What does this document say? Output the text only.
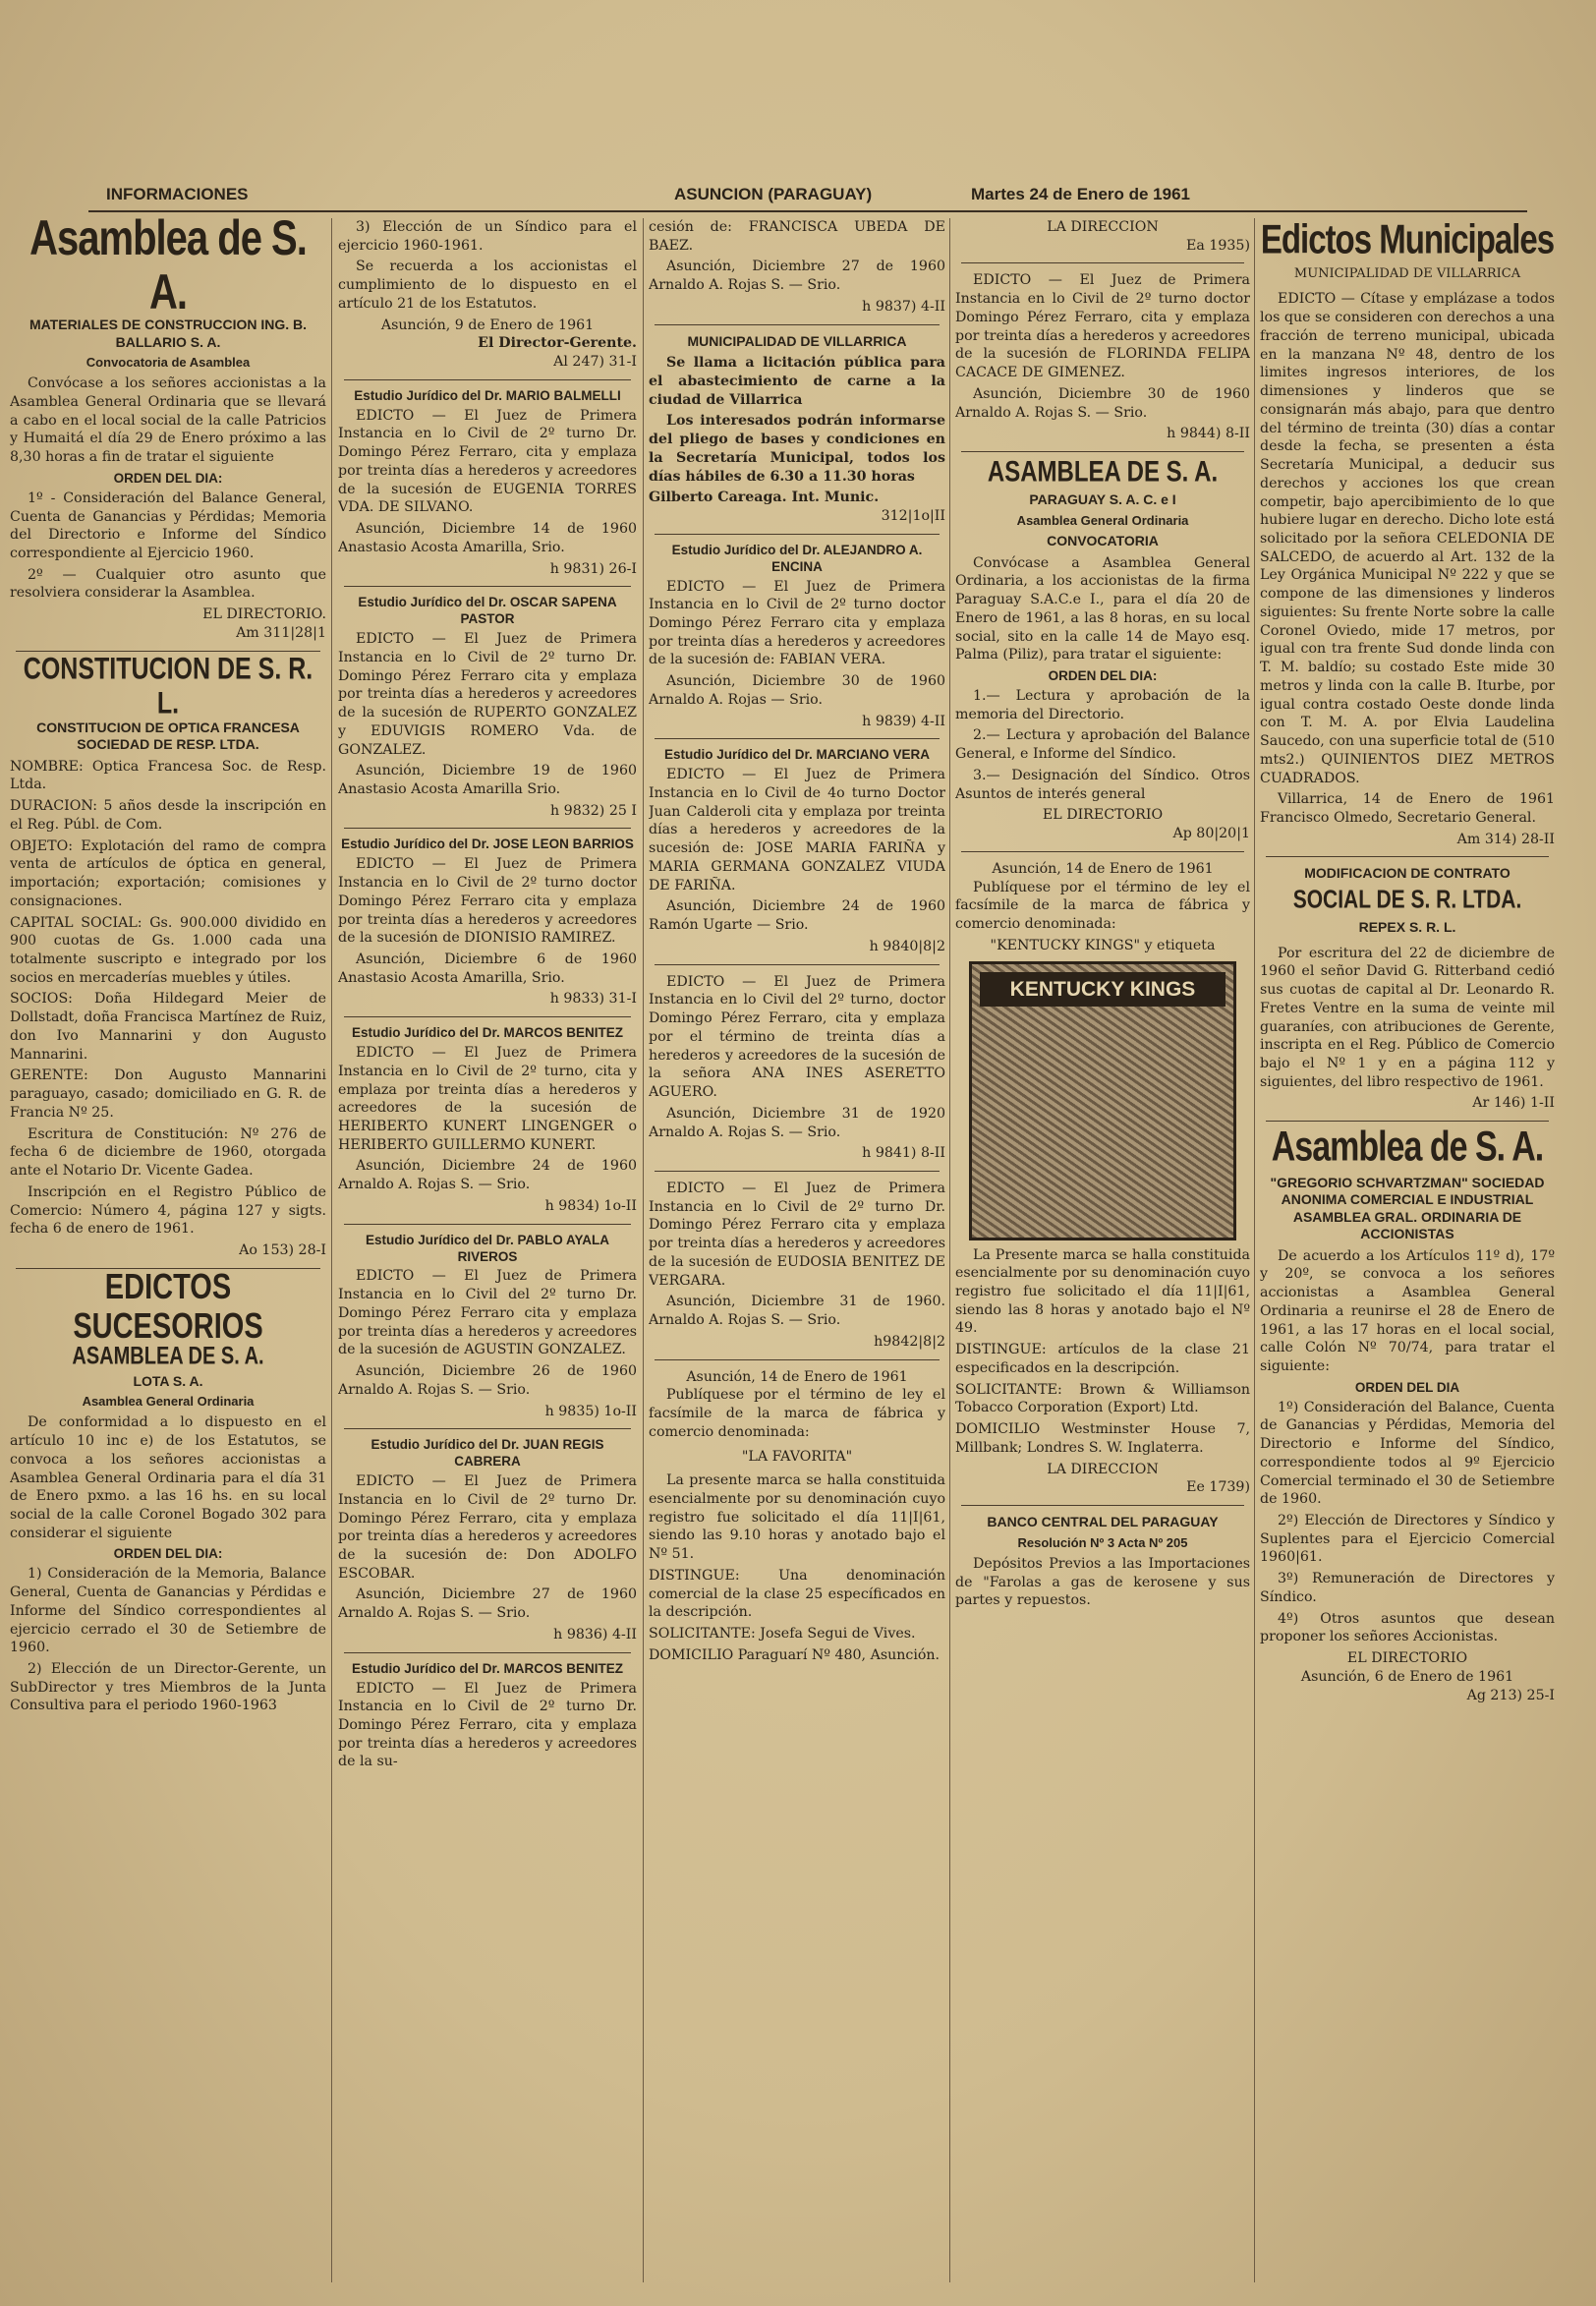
INFORMACIONES	ASUNCION (PARAGUAY)	Martes 24 de Enero de 1961
Asamblea de S. A.
MATERIALES DE CONSTRUCCION ING. B. BALLARIO S. A.
Convocatoria de Asamblea

Convócase a los señores accionistas a la Asamblea General Ordinaria que se llevará a cabo en el local social de la calle Patricios y Humaitá el día 29 de Enero próximo a las 8,30 horas a fin de tratar el siguiente

ORDEN DEL DIA:

1º - Consideración del Balance General, Cuenta de Ganancias y Pérdidas; Memoria del Directorio e Informe del Síndico correspondiente al Ejercicio 1960.

2º — Cualquier otro asunto que resolviera considerar la Asamblea.

EL DIRECTORIO.
Am 311|28|1
CONSTITUCION DE S. R. L.
CONSTITUCION DE OPTICA FRANCESA SOCIEDAD DE RESP. LTDA.

NOMBRE: Optica Francesa Soc. de Resp. Ltda.

DURACION: 5 años desde la inscripción en el Reg. Públ. de Com.

OBJETO: Explotación del ramo de compra venta de artículos de óptica en general, importación; exportación; comisiones y consignaciones.

CAPITAL SOCIAL: Gs. 900.000 dividido en 900 cuotas de Gs. 1.000 cada una totalmente suscripto e integrado por los socios en mercaderías muebles y útiles.

SOCIOS: Doña Hildegard Meier de Dollstadt, doña Francisca Martínez de Ruiz, don Ivo Mannarini y don Augusto Mannarini.

GERENTE: Don Augusto Mannarini paraguayo, casado; domiciliado en G. R. de Francia Nº 25.

Escritura de Constitución: Nº 276 de fecha 6 de diciembre de 1960, otorgada ante el Notario Dr. Vicente Gadea.

Inscripción en el Registro Público de Comercio: Número 4, página 127 y sigts. fecha 6 de enero de 1961.

Ao 153) 28-I
EDICTOS SUCESORIOS
ASAMBLEA DE S. A.
LOTA S. A.
Asamblea General Ordinaria

De conformidad a lo dispuesto en el artículo 10 inc e) de los Estatutos, se convoca a los señores accionistas a Asamblea General Ordinaria para el día 31 de Enero pxmo. a las 16 hs. en su local social de la calle Coronel Bogado 302 para considerar el siguiente

ORDEN DEL DIA:

1) Consideración de la Memoria, Balance General, Cuenta de Ganancias y Pérdidas e Informe del Síndico correspondientes al ejercicio cerrado el 30 de Setiembre de 1960.

2) Elección de un Director-Gerente, un SubDirector y tres Miembros de la Junta Consultiva para el periodo 1960-1963

3) Elección de un Síndico para el ejercicio 1960-1961.

Se recuerda a los accionistas el cumplimiento de lo dispuesto en el artículo 21 de los Estatutos.

Asunción, 9 de Enero de 1961
El Director-Gerente.
Al 247) 31-I
Estudio Jurídico del Dr. MARIO BALMELLI

EDICTO — El Juez de Primera Instancia en lo Civil de 2º turno Dr. Domingo Pérez Ferraro, cita y emplaza por treinta días a herederos y acreedores de la sucesión de EUGENIA TORRES VDA. DE SILVANO.

Asunción, Diciembre 14 de 1960 Anastasio Acosta Amarilla, Srio.

h 9831) 26-I
Estudio Jurídico del Dr. OSCAR SAPENA PASTOR

EDICTO — El Juez de Primera Instancia en lo Civil de 2º turno Dr. Domingo Pérez Ferraro cita y emplaza por treinta días a herederos y acreedores de la sucesión de RUPERTO GONZALEZ y EDUVIGIS ROMERO Vda. de GONZALEZ.

Asunción, Diciembre 19 de 1960 Anastasio Acosta Amarilla Srio.

h 9832) 25 I
Estudio Jurídico del Dr. JOSE LEON BARRIOS

EDICTO — El Juez de Primera Instancia en lo Civil de 2º turno doctor Domingo Pérez Ferraro cita y emplaza por treinta días a herederos y acreedores de la sucesión de DIONISIO RAMIREZ.

Asunción, Diciembre 6 de 1960 Anastasio Acosta Amarilla, Srio.

h 9833) 31-I
Estudio Jurídico del Dr. MARCOS BENITEZ

EDICTO — El Juez de Primera Instancia en lo Civil de 2º turno, cita y emplaza por treinta días a herederos y acreedores de la sucesión de HERIBERTO KUNERT LINGENGER o HERIBERTO GUILLERMO KUNERT.

Asunción, Diciembre 24 de 1960 Arnaldo A. Rojas S. — Srio.

h 9834) 1o-II
Estudio Jurídico del Dr. PABLO AYALA RIVEROS

EDICTO — El Juez de Primera Instancia en lo Civil del 2º turno Dr. Domingo Pérez Ferraro cita y emplaza por treinta días a herederos y acreedores de la sucesión de AGUSTIN GONZALEZ.

Asunción, Diciembre 26 de 1960 Arnaldo A. Rojas S. — Srio.

h 9835) 1o-II
Estudio Jurídico del Dr. JUAN REGIS CABRERA

EDICTO — El Juez de Primera Instancia en lo Civil de 2º turno Dr. Domingo Pérez Ferraro, cita y emplaza por treinta días a herederos y acreedores de la sucesión de: Don ADOLFO ESCOBAR.

Asunción, Diciembre 27 de 1960 Arnaldo A. Rojas S. — Srio.

h 9836) 4-II
Estudio Jurídico del Dr. MARCOS BENITEZ

EDICTO — El Juez de Primera Instancia en lo Civil de 2º turno Dr. Domingo Pérez Ferraro, cita y emplaza por treinta días a herederos y acreedores de la su-

cesión de: FRANCISCA UBEDA DE BAEZ.

Asunción, Diciembre 27 de 1960 Arnaldo A. Rojas S. — Srio.

h 9837) 4-II
MUNICIPALIDAD DE VILLARRICA

Se llama a licitación pública para el abastecimiento de carne a la ciudad de Villarrica

Los interesados podrán informarse del pliego de bases y condiciones en la Secretaría Municipal, todos los días hábiles de 6.30 a 11.30 horas

Gilberto Careaga. Int. Munic.
312|1o|II
Estudio Jurídico del Dr. ALEJANDRO A. ENCINA

EDICTO — El Juez de Primera Instancia en lo Civil de 2º turno doctor Domingo Pérez Ferraro cita y emplaza por treinta días a herederos y acreedores de la sucesión de: FABIAN VERA.

Asunción, Diciembre 30 de 1960 Arnaldo A. Rojas — Srio.

h 9839) 4-II
Estudio Jurídico del Dr. MARCIANO VERA

EDICTO — El Juez de Primera Instancia en lo Civil de 4o turno Doctor Juan Calderoli cita y emplaza por treinta días a herederos y acreedores de la sucesión de: JOSE MARIA FARIÑA y MARIA GERMANA GONZALEZ VIUDA DE FARIÑA.

Asunción, Diciembre 24 de 1960 Ramón Ugarte — Srio.

h 9840|8|2

EDICTO — El Juez de Primera Instancia en lo Civil del 2º turno, doctor Domingo Pérez Ferraro, cita y emplaza por el término de treinta días a herederos y acreedores de la sucesión de la señora ANA INES ASERETTO AGUERO.

Asunción, Diciembre 31 de 1920 Arnaldo A. Rojas S. — Srio.

h 9841) 8-II

EDICTO — El Juez de Primera Instancia en lo Civil de 2º turno Dr. Domingo Pérez Ferraro cita y emplaza por treinta días a herederos y acreedores de la sucesión de EUDOSIA BENITEZ DE VERGARA.

Asunción, Diciembre 31 de 1960. Arnaldo A. Rojas S. — Srio.

h9842|8|2
Asunción, 14 de Enero de 1961

Publíquese por el término de ley el facsímile de la marca de fábrica y comercio denominada:

"LA FAVORITA"

La presente marca se halla constituida esencialmente por su denominación cuyo registro fue solicitado el día 11|I|61, siendo las 9.10 horas y anotado bajo el Nº 51.

DISTINGUE: Una denominación comercial de la clase 25 específicados en la descripción.

SOLICITANTE: Josefa Segui de Vives.

DOMICILIO Paraguarí Nº 480, Asunción.

LA DIRECCION
Ea 1935)

EDICTO — El Juez de Primera Instancia en lo Civil de 2º turno doctor Domingo Pérez Ferraro, cita y emplaza por treinta días a herederos y acreedores de la sucesión de FLORINDA FELIPA CACACE DE GIMENEZ.

Asunción, Diciembre 30 de 1960 Arnaldo A. Rojas S. — Srio.

h 9844) 8-II
ASAMBLEA DE S. A.
PARAGUAY S. A. C. e I
Asamblea General Ordinaria
CONVOCATORIA

Convócase a Asamblea General Ordinaria, a los accionistas de la firma Paraguay S.A.C.e I., para el día 20 de Enero de 1961, a las 8 horas, en su local social, sito en la calle 14 de Mayo esq. Palma (Piliz), para tratar el siguiente:

ORDEN DEL DIA:

1.— Lectura y aprobación de la memoria del Directorio.

2.— Lectura y aprobación del Balance General, e Informe del Síndico.

3.— Designación del Síndico. Otros Asuntos de interés general

EL DIRECTORIO
Ap 80|20|1
Asunción, 14 de Enero de 1961

Publíquese por el término de ley el facsímile de la marca de fábrica y comercio denominada:

"KENTUCKY KINGS" y etiqueta
KENTUCKY KINGS

La Presente marca se halla constituida esencialmente por su denominación cuyo registro fue solicitado el día 11|I|61, siendo las 8 horas y anotado bajo el Nº 49.

DISTINGUE: artículos de la clase 21 especificados en la descripción.

SOLICITANTE: Brown & Williamson Tobacco Corporation (Export) Ltd.

DOMICILIO Westminster House 7, Millbank; Londres S. W. Inglaterra.

LA DIRECCION
Ee 1739)
BANCO CENTRAL DEL PARAGUAY
Resolución Nº 3 Acta Nº 205

Depósitos Previos a las Importaciones de "Farolas a gas de kerosene y sus partes y repuestos.

Edictos Municipales
MUNICIPALIDAD DE VILLARRICA

EDICTO — Cítase y emplázase a todos los que se consideren con derechos a una fracción de terreno municipal, ubicada en la manzana Nº 48, dentro de los limites ingresos interiores, de los dimensiones y linderos que se consignarán más abajo, para que dentro del término de treinta (30) días a contar desde la fecha, se presenten a ésta Secretaría Municipal, a deducir sus derechos y acciones los que crean competir, bajo apercibimiento de lo que hubiere lugar en derecho. Dicho lote está solicitado por la señora CELEDONIA DE SALCEDO, de acuerdo al Art. 132 de la Ley Orgánica Municipal Nº 222 y que se compone de las dimensiones y linderos siguientes: Su frente Norte sobre la calle Coronel Oviedo, mide 17 metros, por igual con tra frente Sud donde linda con T. M. baldío; su costado Este mide 30 metros y linda con la calle B. Iturbe, por igual contra costado Oeste donde linda con T. M. A. por Elvia Laudelina Saucedo, con una superficie total de (510 mts2.) QUINIENTOS DIEZ METROS CUADRADOS.

Villarrica, 14 de Enero de 1961 Francisco Olmedo, Secretario General.

Am 314) 28-II
MODIFICACION DE CONTRATO
SOCIAL DE S. R. LTDA.
REPEX S. R. L.

Por escritura del 22 de diciembre de 1960 el señor David G. Ritterband cedió sus cuotas de capital al Dr. Leonardo R. Fretes Ventre en la suma de veinte mil guaraníes, con atribuciones de Gerente, inscripta en el Reg. Público de Comercio bajo el Nº 1 y en a página 112 y siguientes, del libro respectivo de 1961.

Ar 146) 1-II
Asamblea de S. A.
"GREGORIO SCHVARTZMAN" SOCIEDAD ANONIMA COMERCIAL E INDUSTRIAL ASAMBLEA GRAL. ORDINARIA DE ACCIONISTAS

De acuerdo a los Artículos 11º d), 17º y 20º, se convoca a los señores accionistas a Asamblea General Ordinaria a reunirse el 28 de Enero de 1961, a las 17 horas en el local social, calle Colón Nº 70/74, para tratar el siguiente:

ORDEN DEL DIA

1º) Consideración del Balance, Cuenta de Ganancias y Pérdidas, Memoria del Directorio e Informe del Síndico, correspondiente todos al 9º Ejercicio Comercial terminado el 30 de Setiembre de 1960.

2º) Elección de Directores y Síndico y Suplentes para el Ejercicio Comercial 1960|61.

3º) Remuneración de Directores y Síndico.

4º) Otros asuntos que desean proponer los señores Accionistas.

EL DIRECTORIO
Asunción, 6 de Enero de 1961
Ag 213) 25-I
